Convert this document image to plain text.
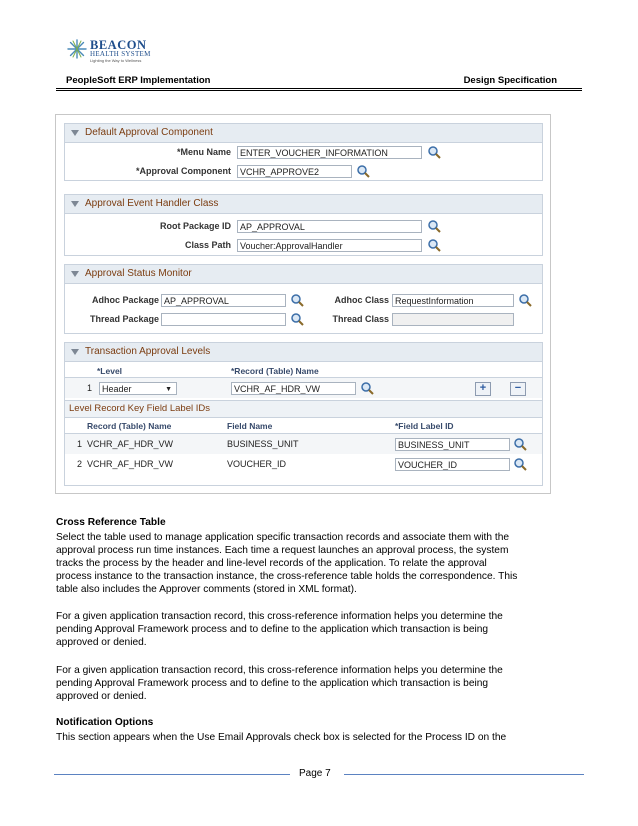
BEACON
HEALTH SYSTEM
Lighting the Way to Wellness
PeopleSoft ERP Implementation	Design Specification
Default Approval Component
*Menu Name	ENTER_VOUCHER_INFORMATION
*Approval Component	VCHR_APPROVE2
Approval Event Handler Class
Root Package ID	AP_APPROVAL
Class Path	Voucher:ApprovalHandler
Approval Status Monitor
Adhoc Package AP_APPROVAL	Adhoc Class RequestInformation
Thread Package	Thread Class
Transaction Approval Levels
*Level	*Record (Table) Name
1	Header	▼	VCHR_AF_HDR_VW	+	−
Level Record Key Field Label IDs
Record (Table) Name	Field Name	*Field Label ID
1 VCHR_AF_HDR_VW	BUSINESS_UNIT	BUSINESS_UNIT
2 VCHR_AF_HDR_VW	VOUCHER_ID	VOUCHER_ID
Cross Reference Table
Select the table used to manage application specific transaction records and associate them with the
approval process run time instances. Each time a request launches an approval process, the system
tracks the process by the header and line-level records of the application. To relate the approval
process instance to the transaction instance, the cross-reference table holds the correspondence. This
table also includes the Approver comments (stored in XML format).
For a given application transaction record, this cross-reference information helps you determine the
pending Approval Framework process and to define to the application which transaction is being
approved or denied.
For a given application transaction record, this cross-reference information helps you determine the
pending Approval Framework process and to define to the application which transaction is being
approved or denied.
Notification Options
This section appears when the Use Email Approvals check box is selected for the Process ID on the
Page 7
